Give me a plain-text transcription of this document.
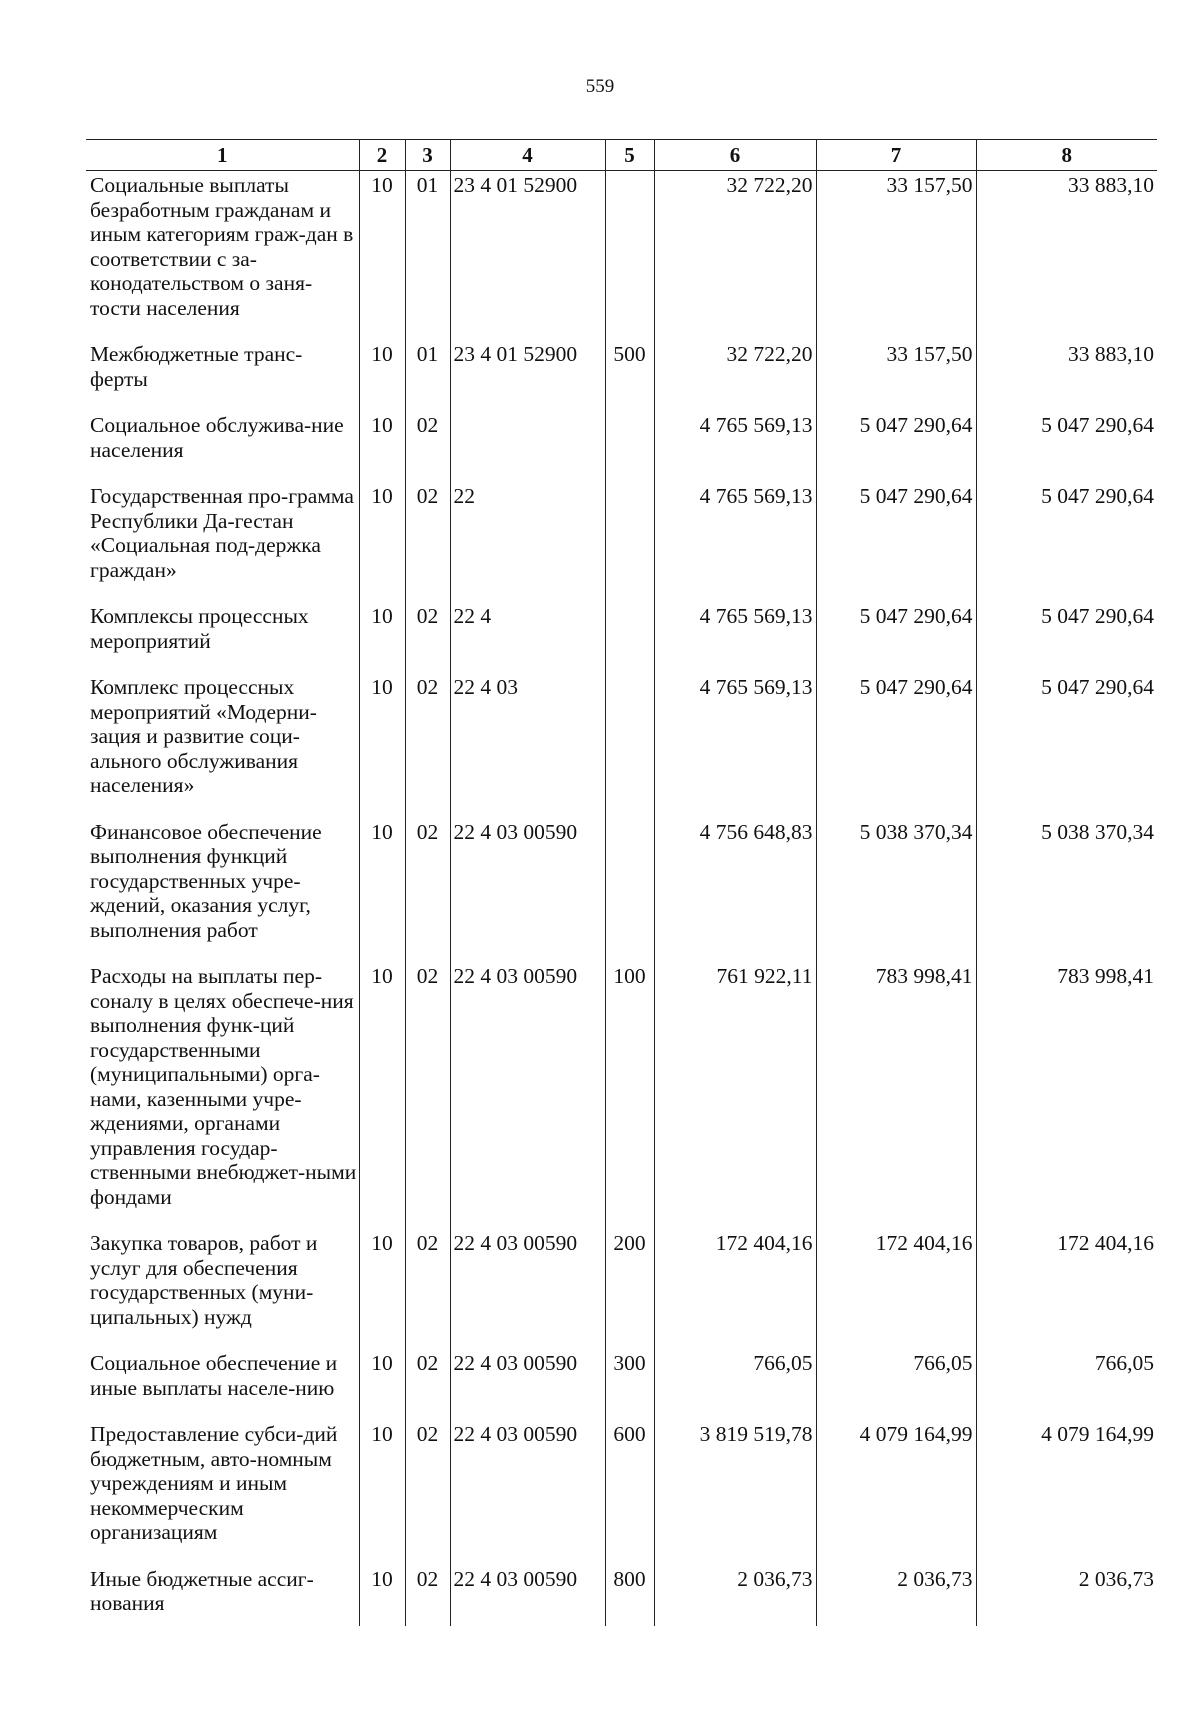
559
1	2	3	4	5	6	7	8
Социальные выплаты безработным гражданам и иным категориям граж-дан в соответствии с за-конодательством о заня-тости населения	10	01	23 4 01 52900		32 722,20	33 157,50	33 883,10
Межбюджетные транс-ферты	10	01	23 4 01 52900	500	32 722,20	33 157,50	33 883,10
Социальное обслужива-ние населения	10	02			4 765 569,13	5 047 290,64	5 047 290,64
Государственная про-грамма Республики Да-гестан «Социальная под-держка граждан»	10	02	22		4 765 569,13	5 047 290,64	5 047 290,64
Комплексы процессных мероприятий	10	02	22 4		4 765 569,13	5 047 290,64	5 047 290,64
Комплекс процессных мероприятий «Модерни-зация и развитие соци-ального обслуживания населения»	10	02	22 4 03		4 765 569,13	5 047 290,64	5 047 290,64
Финансовое обеспечение выполнения функций государственных учре-ждений, оказания услуг, выполнения работ	10	02	22 4 03 00590		4 756 648,83	5 038 370,34	5 038 370,34
Расходы на выплаты пер-соналу в целях обеспече-ния выполнения функ-ций государственными (муниципальными) орга-нами, казенными учре-ждениями, органами управления государ-ственными внебюджет-ными фондами	10	02	22 4 03 00590	100	761 922,11	783 998,41	783 998,41
Закупка товаров, работ и услуг для обеспечения государственных (муни-ципальных) нужд	10	02	22 4 03 00590	200	172 404,16	172 404,16	172 404,16
Социальное обеспечение и иные выплаты населе-нию	10	02	22 4 03 00590	300	766,05	766,05	766,05
Предоставление субси-дий бюджетным, авто-номным учреждениям и иным некоммерческим организациям	10	02	22 4 03 00590	600	3 819 519,78	4 079 164,99	4 079 164,99
Иные бюджетные ассиг-нования	10	02	22 4 03 00590	800	2 036,73	2 036,73	2 036,73
